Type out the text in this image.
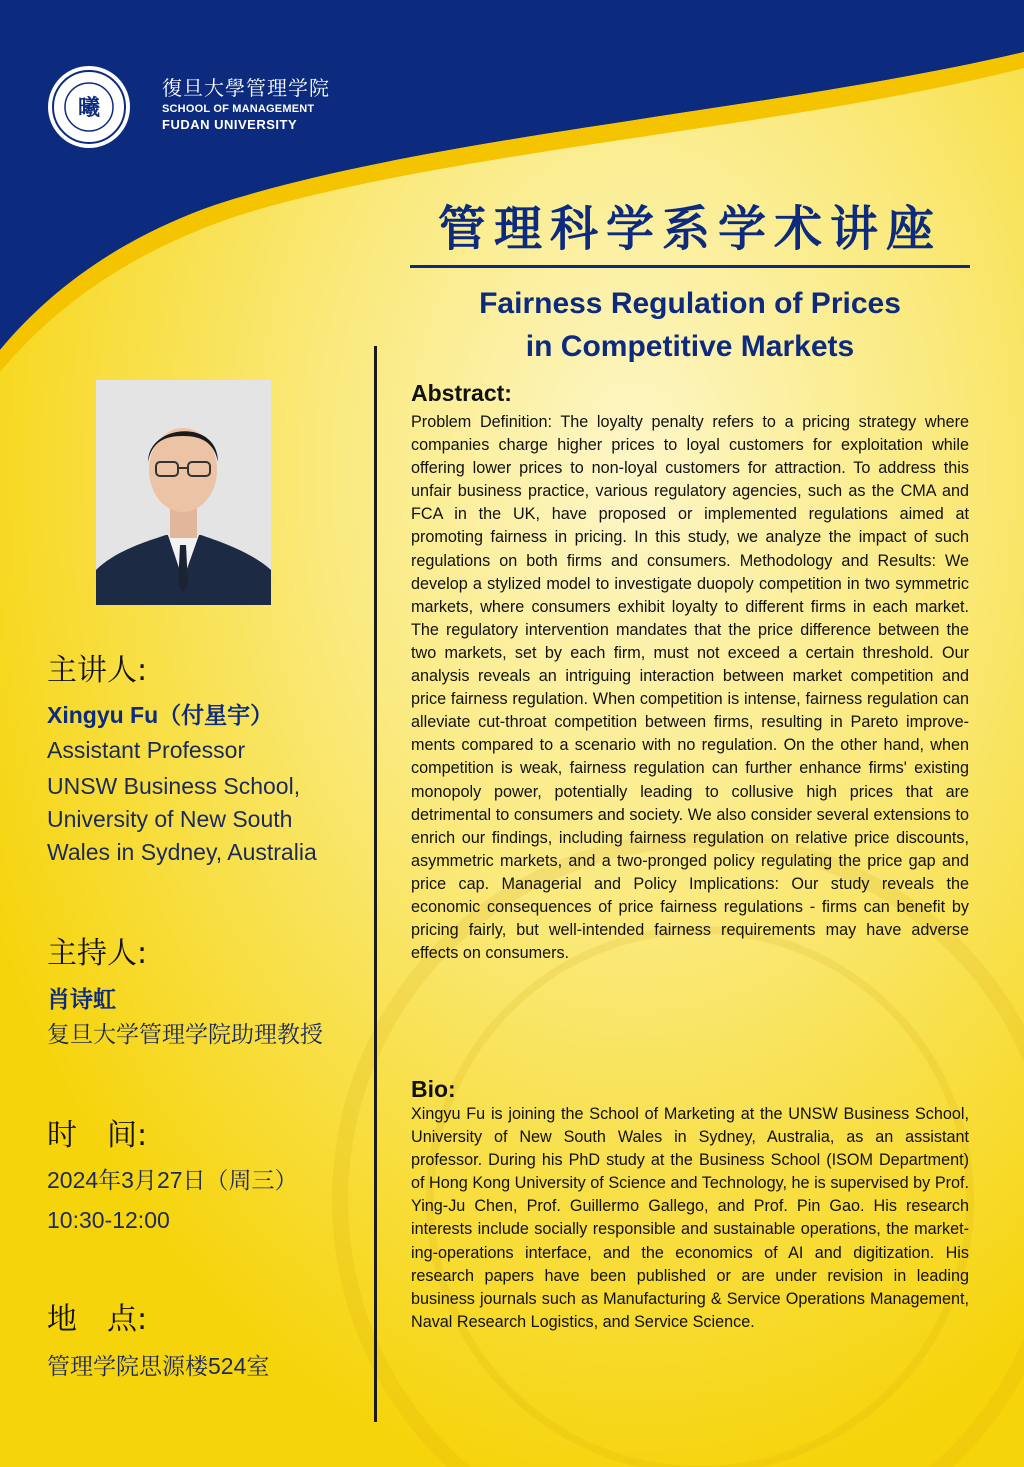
曦
復旦大學管理学院
SCHOOL OF MANAGEMENT
FUDAN UNIVERSITY
管理科学系学术讲座
Fairness Regulation of Prices
in Competitive Markets
主讲人:
Xingyu Fu（付星宇）
Assistant Professor
UNSW Business School,
University of New South
Wales in Sydney, Australia
主持人:
肖诗虹
复旦大学管理学院助理教授
时　间:
2024年3月27日（周三）
10:30-12:00
地　点:
管理学院思源楼524室
Abstract:
Problem Definition: The loyalty penalty refers to a pricing strategy where companies charge higher prices to loyal customers for exploitation while offering lower prices to non-loyal customers for attraction. To address this unfair business practice, various regulatory agencies, such as the CMA and FCA in the UK, have proposed or implemented regulations aimed at promoting fairness in pricing. In this study, we analyze the impact of such regulations on both firms and consumers. Methodology and Results: We develop a stylized model to investigate duopoly competition in two symmetric markets, where consumers exhibit loyalty to different firms in each market. The regulatory intervention mandates that the price difference between the two markets, set by each firm, must not exceed a certain threshold. Our analysis reveals an intriguing interaction between market competition and price fairness regulation. When competition is intense, fairness regulation can alleviate cut-throat competition between firms, resulting in Pareto improvements compared to a scenario with no regulation. On the other hand, when competition is weak, fairness regulation can further enhance firms' existing monopoly power, potentially leading to collusive high prices that are detrimental to consumers and society. We also consider several extensions to enrich our findings, including fairness regulation on relative price discounts, asymmetric markets, and a two-pronged policy regulating the price gap and price cap. Managerial and Policy Implications: Our study reveals the economic consequences of price fairness regulations - firms can benefit by pricing fairly, but well-intended fairness requirements may have adverse effects on consumers.
Bio:
Xingyu Fu is joining the School of Marketing at the UNSW Business School, University of New South Wales in Sydney, Australia, as an assistant professor. During his PhD study at the Business School (ISOM Department) of Hong Kong University of Science and Technology, he is supervised by Prof. Ying-Ju Chen, Prof. Guillermo Gallego, and Prof. Pin Gao. His research interests include socially responsible and sustainable operations, the marketing-operations interface, and the economics of AI and digitization. His research papers have been published or are under revision in leading business journals such as Manufacturing & Service Operations Management, Naval Research Logistics, and Service Science.
